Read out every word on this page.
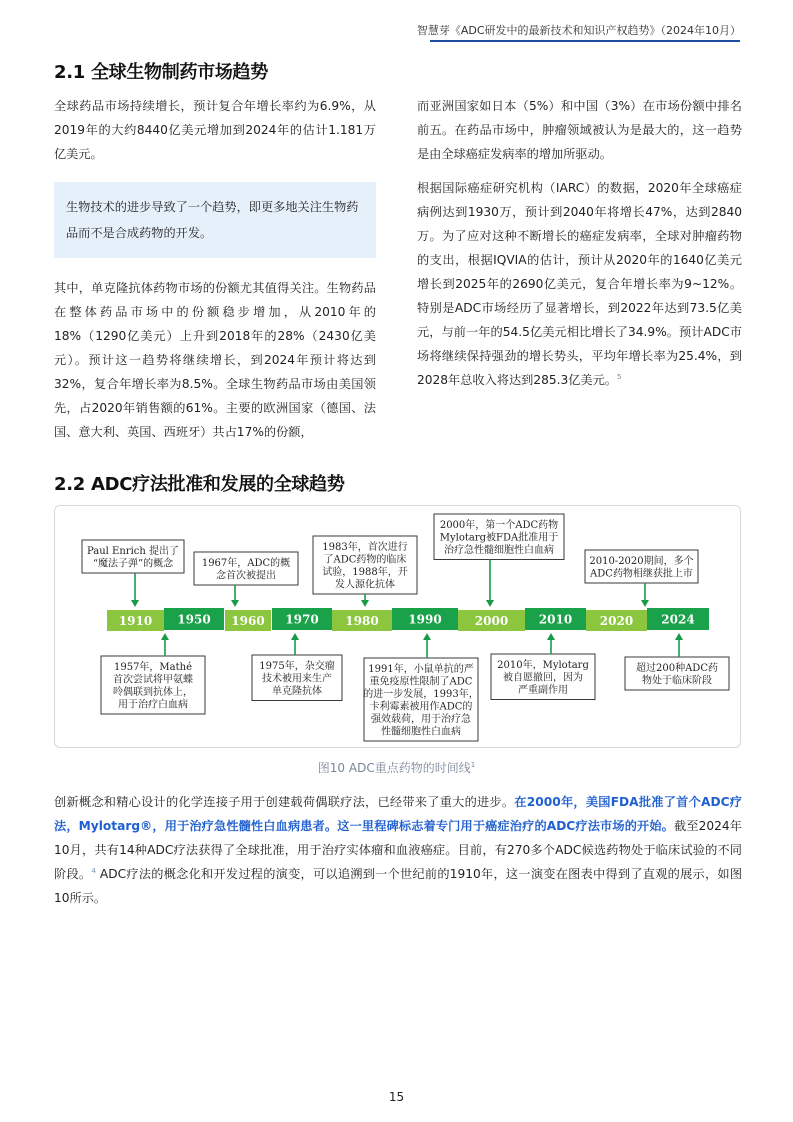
智慧芽《ADC研发中的最新技术和知识产权趋势》（2024年10月）
2.1 全球生物制药市场趋势

全球药品市场持续增长，预计复合年增长率约为6.9%，从2019年的大约8440亿美元增加到2024年的估计1.181万亿美元。

生物技术的进步导致了一个趋势，即更多地关注生物药品而不是合成药物的开发。

其中，单克隆抗体药物市场的份额尤其值得关注。生物药品在整体药品市场中的份额稳步增加，从2010年的18%（1290亿美元）上升到2018年的28%（2430亿美元）。预计这一趋势将继续增长，到2024年预计将达到32%，复合年增长率为8.5%。全球生物药品市场由美国领先，占2020年销售额的61%。主要的欧洲国家（德国、法国、意大利、英国、西班牙）共占17%的份额，

而亚洲国家如日本（5%）和中国（3%）在市场份额中排名前五。在药品市场中，肿瘤领域被认为是最大的，这一趋势是由全球癌症发病率的增加所驱动。

根据国际癌症研究机构（IARC）的数据，2020年全球癌症病例达到1930万，预计到2040年将增长47%，达到2840万。为了应对这种不断增长的癌症发病率，全球对肿瘤药物的支出，根据IQVIA的估计，预计从2020年的1640亿美元增长到2025年的2690亿美元，复合年增长率为9~12%。特别是ADC市场经历了显著增长，到2022年达到73.5亿美元，与前一年的54.5亿美元相比增长了34.9%。预计ADC市场将继续保持强劲的增长势头，平均年增长率为25.4%，到2028年总收入将达到285.3亿美元。$^5$

2.2 ADC疗法批准和发展的全球趋势
1910 1950 1960 1970 1980 1990	2000	2010 2020 2024
Paul Enrich 提出了
“魔法子弹”的概念	1967年，ADC的概
念首次被提出
1983年，首次进行
了ADC药物的临床
试验，1988年，开
发人源化抗体
2000年，第一个ADC药物
Mylotarg被FDA批准用于
治疗急性髓细胞性白血病
2010-2020期间，多个
ADC药物相继获批上市
1957年，Mathé
首次尝试将甲氨蝶
呤偶联到抗体上，
用于治疗白血病
1975年，杂交瘤
技术被用来生产
单克隆抗体
1991年，小鼠单抗的严
重免疫原性限制了ADC
的进一步发展，1993年，
卡利霉素被用作ADC的
强效载荷，用于治疗急
性髓细胞性白血病
2010年，Mylotarg
被自愿撤回，因为
严重副作用
超过200种ADC药
物处于临床阶段
图10 ADC重点药物的时间线$^1$
创新概念和精心设计的化学连接子用于创建载荷偶联疗法，已经带来了重大的进步。在2000年，美国FDA批准了首个ADC疗法，Mylotarg®，用于治疗急性髓性白血病患者。这一里程碑标志着专门用于癌症治疗的ADC疗法市场的开始。截至2024年10月，共有14种ADC疗法获得了全球批准，用于治疗实体瘤和血液癌症。目前，有270多个ADC候选药物处于临床试验的不同阶段。$^4$ ADC疗法的概念化和开发过程的演变，可以追溯到一个世纪前的1910年，这一演变在图表中得到了直观的展示，如图10所示。
15
